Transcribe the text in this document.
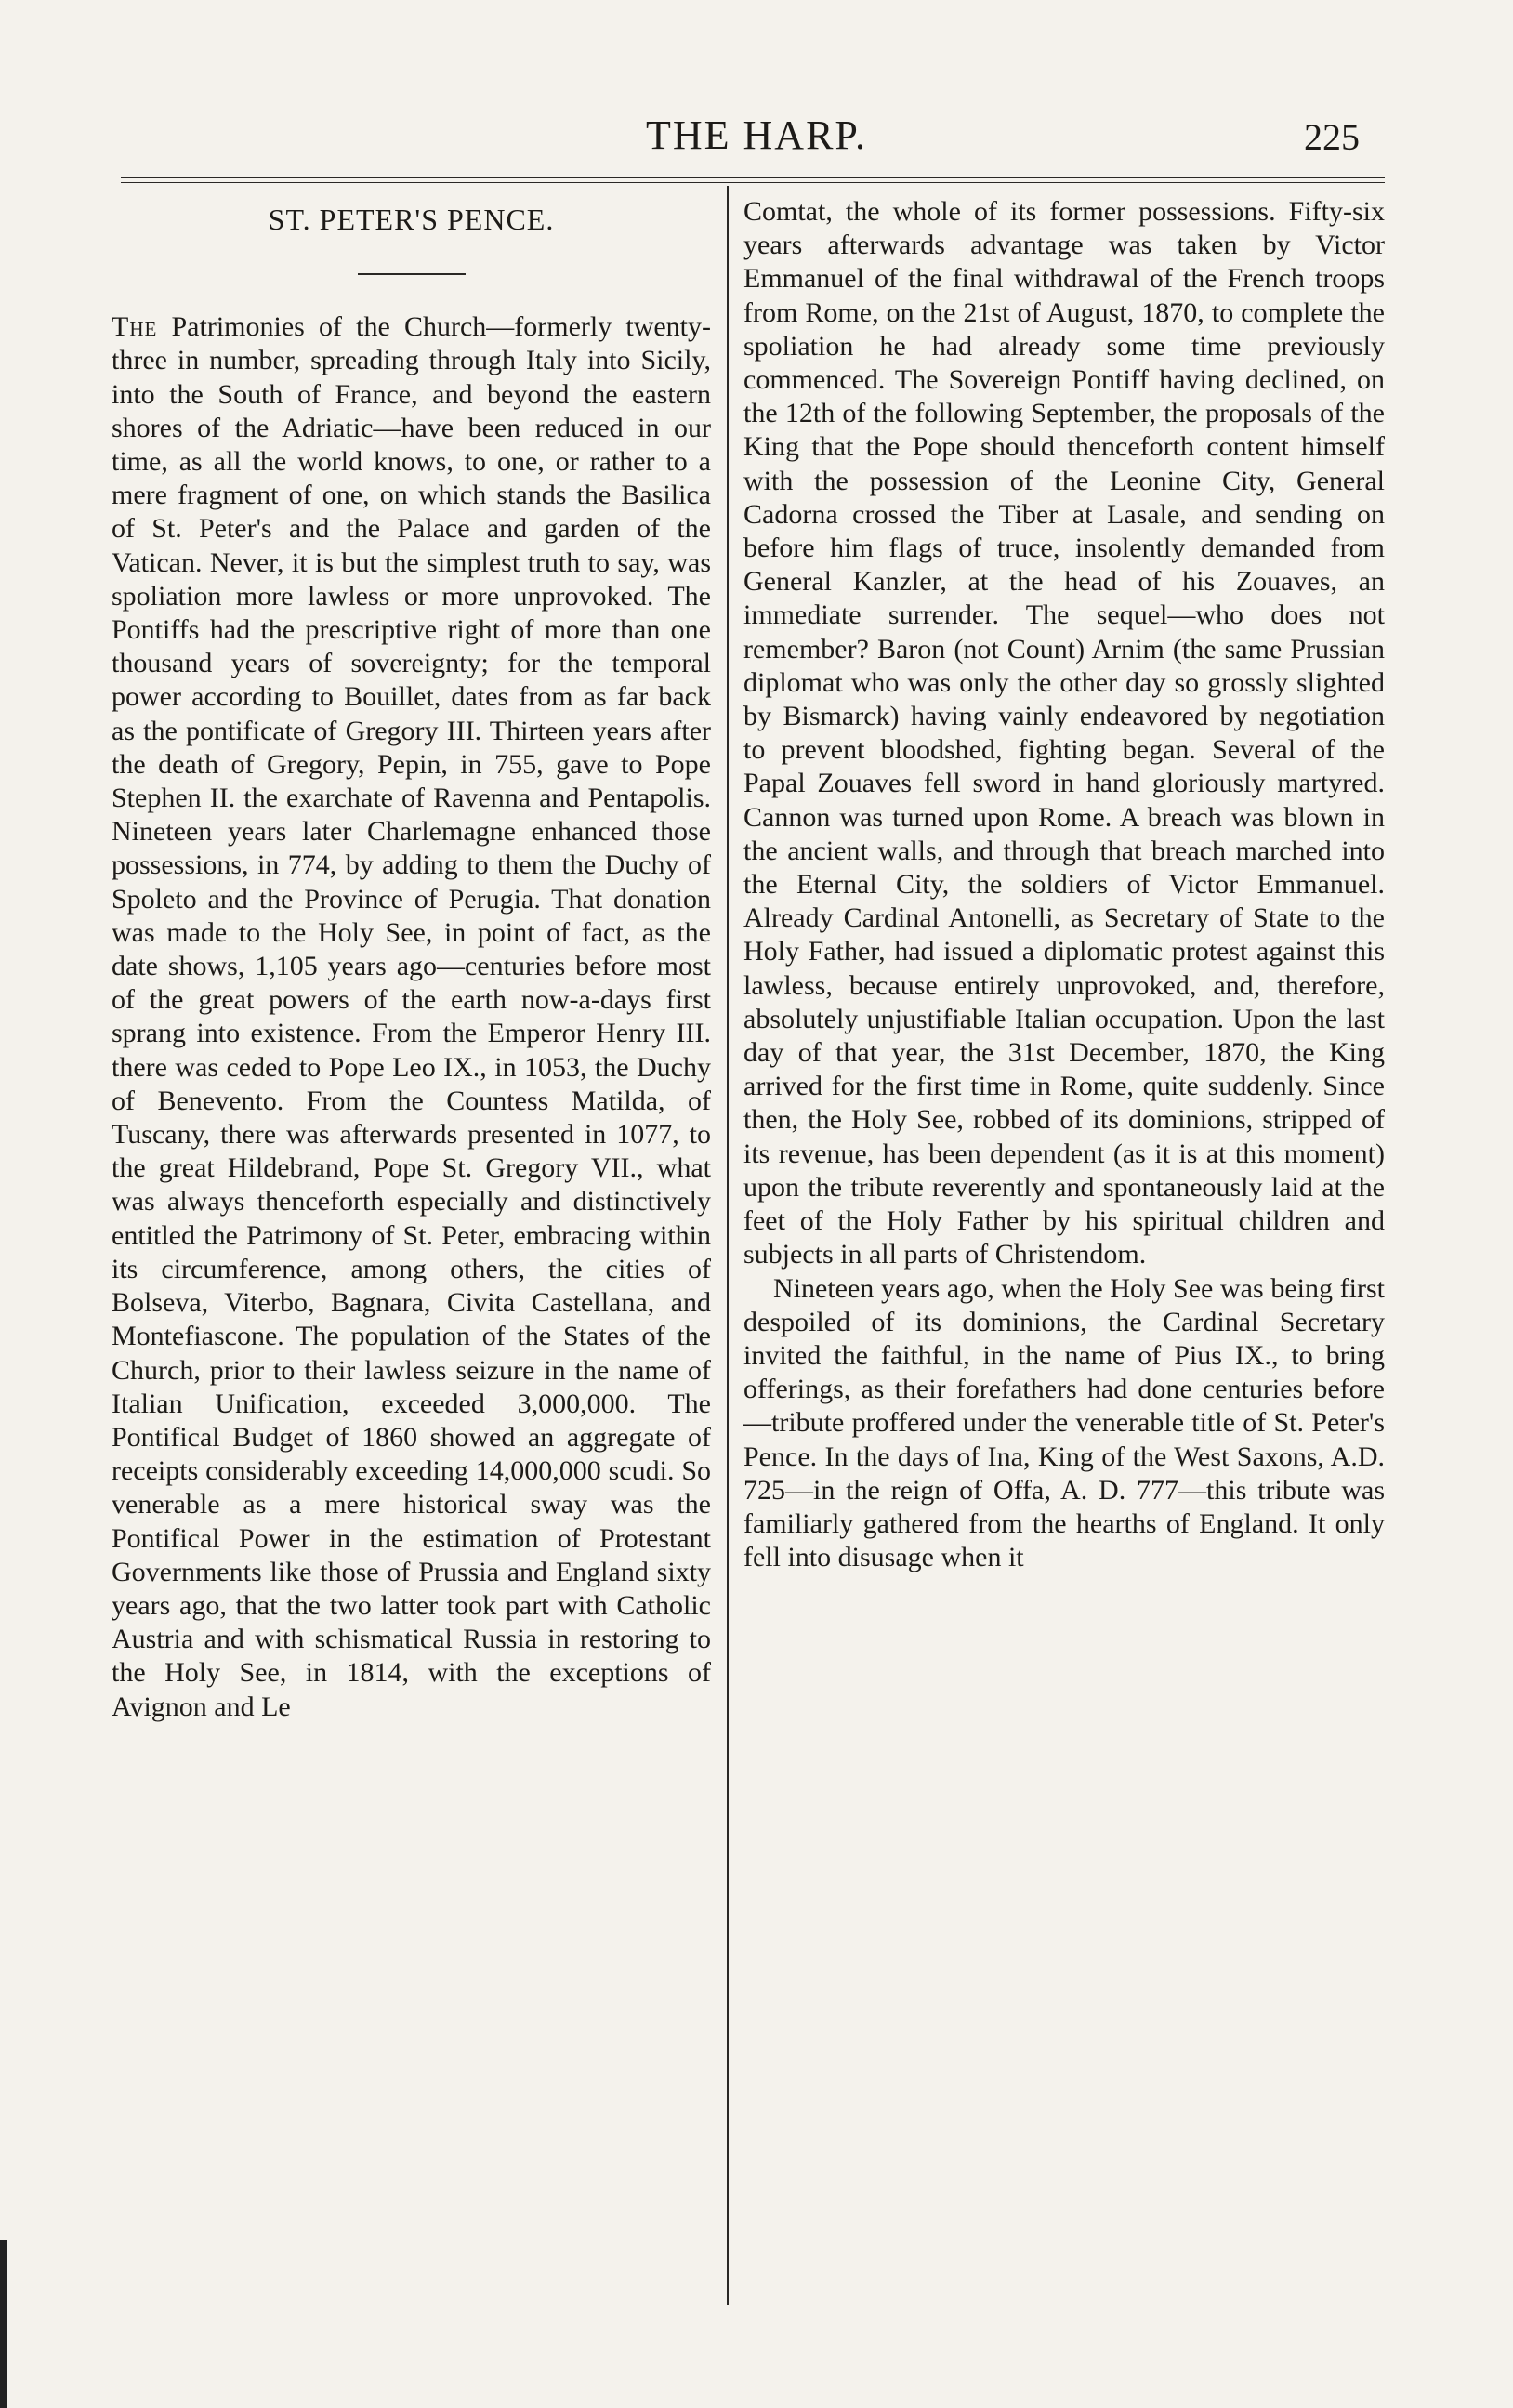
THE HARP.	225
ST. PETER'S PENCE.

The Patrimonies of the Church—formerly twenty-three in number, spreading through Italy into Sicily, into the South of France, and beyond the eastern shores of the Adriatic—have been reduced in our time, as all the world knows, to one, or rather to a mere fragment of one, on which stands the Basilica of St. Peter's and the Palace and garden of the Vatican. Never, it is but the simplest truth to say, was spoliation more lawless or more unprovoked. The Pontiffs had the prescriptive right of more than one thousand years of sovereignty; for the temporal power according to Bouillet, dates from as far back as the pontificate of Gregory III. Thirteen years after the death of Gregory, Pepin, in 755, gave to Pope Stephen II. the exarchate of Ravenna and Pentapolis. Nineteen years later Charlemagne enhanced those possessions, in 774, by adding to them the Duchy of Spoleto and the Province of Perugia. That donation was made to the Holy See, in point of fact, as the date shows, 1,105 years ago—centuries before most of the great powers of the earth now-a-days first sprang into existence. From the Emperor Henry III. there was ceded to Pope Leo IX., in 1053, the Duchy of Benevento. From the Countess Matilda, of Tuscany, there was afterwards presented in 1077, to the great Hildebrand, Pope St. Gregory VII., what was always thenceforth especially and distinctively entitled the Patrimony of St. Peter, embracing within its circumference, among others, the cities of Bolseva, Viterbo, Bagnara, Civita Castellana, and Montefiascone. The population of the States of the Church, prior to their lawless seizure in the name of Italian Unification, exceeded 3,000,000. The Pontifical Budget of 1860 showed an aggregate of receipts considerably exceeding 14,000,000 scudi. So venerable as a mere historical sway was the Pontifical Power in the estimation of Protestant Governments like those of Prussia and England sixty years ago, that the two latter took part with Catholic Austria and with schismatical Russia in restoring to the Holy See, in 1814, with the exceptions of Avignon and Le

Comtat, the whole of its former possessions. Fifty-six years afterwards advantage was taken by Victor Emmanuel of the final withdrawal of the French troops from Rome, on the 21st of August, 1870, to complete the spoliation he had already some time previously commenced. The Sovereign Pontiff having declined, on the 12th of the following September, the proposals of the King that the Pope should thenceforth content himself with the possession of the Leonine City, General Cadorna crossed the Tiber at Lasale, and sending on before him flags of truce, insolently demanded from General Kanzler, at the head of his Zouaves, an immediate surrender. The sequel—who does not remember? Baron (not Count) Arnim (the same Prussian diplomat who was only the other day so grossly slighted by Bismarck) having vainly endeavored by negotiation to prevent bloodshed, fighting began. Several of the Papal Zouaves fell sword in hand gloriously martyred. Cannon was turned upon Rome. A breach was blown in the ancient walls, and through that breach marched into the Eternal City, the soldiers of Victor Emmanuel. Already Cardinal Antonelli, as Secretary of State to the Holy Father, had issued a diplomatic protest against this lawless, because entirely unprovoked, and, therefore, absolutely unjustifiable Italian occupation. Upon the last day of that year, the 31st December, 1870, the King arrived for the first time in Rome, quite suddenly. Since then, the Holy See, robbed of its dominions, stripped of its revenue, has been dependent (as it is at this moment) upon the tribute reverently and spontaneously laid at the feet of the Holy Father by his spiritual children and subjects in all parts of Christendom.

Nineteen years ago, when the Holy See was being first despoiled of its dominions, the Cardinal Secretary invited the faithful, in the name of Pius IX., to bring offerings, as their forefathers had done centuries before—tribute proffered under the venerable title of St. Peter's Pence. In the days of Ina, King of the West Saxons, A.D. 725—in the reign of Offa, A. D. 777—this tribute was familiarly gathered from the hearths of England. It only fell into disusage when it
